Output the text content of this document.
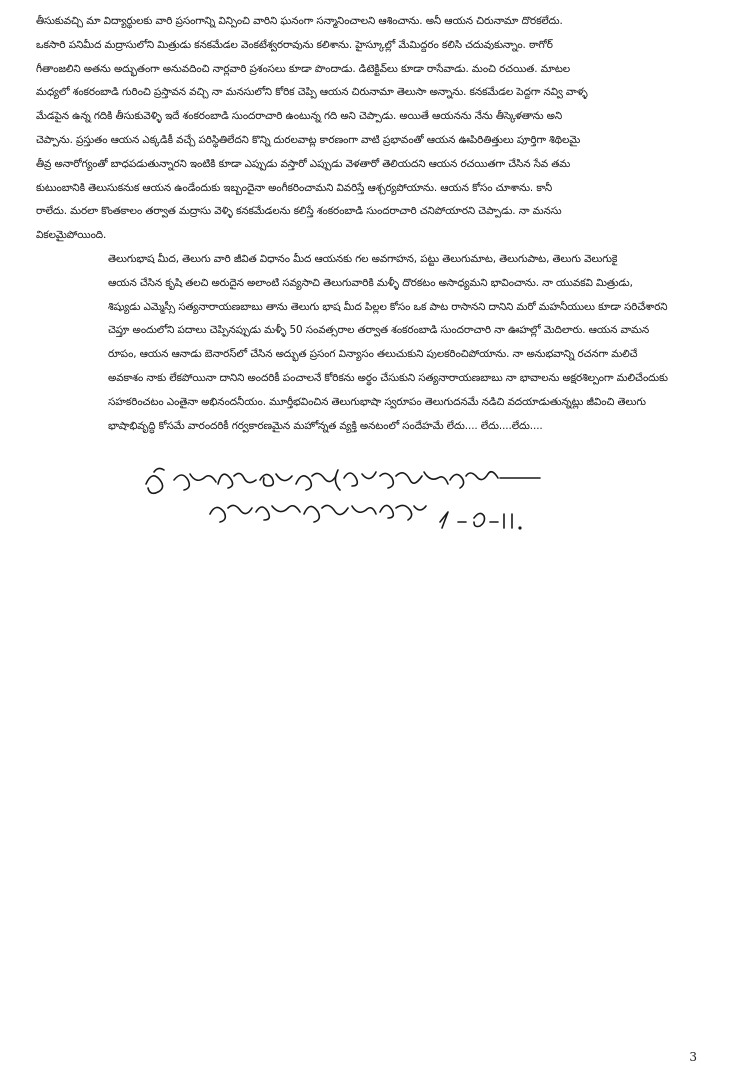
తీసుకువచ్చి మా విద్యార్థులకు వారి ప్రసంగాన్ని విన్పించి వారిని ఘనంగా సన్మానించాలని ఆశించాను. అనీ ఆయన చిరునామా దొరకలేదు.
ఒకసారి పనిమీద మద్రాసులోని మిత్రుడు కనకమేడల వెంకటేశ్వరరావును కలిశాను. హైస్కూల్లో మేమిద్దరం కలిసి చదువుకున్నాం. ఠాగోర్
గీతాంజలిని అతను అద్భుతంగా అనువదించి నార్లవారి ప్రశంసలు కూడా పొందాడు. డిటెక్టివ్‌లు కూడా రాసేవాడు. మంచి రచయిత. మాటల
మధ్యలో శంకరంబాడి గురించి ప్రస్తావన వచ్చి నా మనసులోని కోరిక చెప్పి ఆయన చిరునామా తెలుసా అన్నాను. కనకమేడల పెద్దగా నవ్వి వాళ్ళ
మేడపైన ఉన్న గదికి తీసుకువెళ్ళి ఇదే శంకరంబాడి సుందరాచారి ఉంటున్న గది అని చెప్పాడు. అయితే ఆయనను నేను తీస్కెళతాను అని
చెప్పాను. ప్రస్తుతం ఆయన ఎక్కడికీ వచ్చే పరిస్థితిలేదని కొన్ని దురలవాట్ల కారణంగా వాటి ప్రభావంతో ఆయన ఊపిరితిత్తులు పూర్తిగా శిథిలమై
తీవ్ర అనారోగ్యంతో బాధపడుతున్నారని ఇంటికి కూడా ఎప్పుడు వస్తారో ఎప్పుడు వెళతారో తెలియదని ఆయన రచయితగా చేసిన సేవ తమ
కుటుంబానికి తెలుసుకనుక ఆయన ఉండేందుకు ఇబ్బందైనా అంగీకరించామని వివరిస్తే ఆశ్చర్యపోయాను. ఆయన కోసం చూశాను. కానీ
రాలేదు. మరలా కొంతకాలం తర్వాత మద్రాసు వెళ్ళి కనకమేడలను కలిస్తే శంకరంబాడి సుందరాచారి చనిపోయారని చెప్పాడు. నా మనసు
వికలమైపోయింది.

తెలుగుభాష మీద, తెలుగు వారి జీవిత విధానం మీద ఆయనకు గల అవగాహన, పట్టు తెలుగుమాట, తెలుగుపాట, తెలుగు వెలుగుకై
ఆయన చేసిన కృషి తలచి అరుదైన అలాంటి సవ్యసాచి తెలుగువారికి మళ్ళీ దొరకటం అసాధ్యమని భావించాను. నా యువకవి మిత్రుడు,
శిష్యుడు ఎమ్మెస్సీ సత్యనారాయణబాబు తాను తెలుగు భాష మీద పిల్లల కోసం ఒక పాట రాసానని దానిని మరో మహనీయులు కూడా సరిచేశారని
చెప్తూ అందులోని పదాలు చెప్పినప్పుడు మళ్ళీ 50 సంవత్సరాల తర్వాత శంకరంబాడి సుందరాచారి నా ఊహల్లో మెదిలారు. ఆయన వామన
రూపం, ఆయన ఆనాడు బెనారస్‌లో చేసిన అద్భుత ప్రసంగ విన్యాసం తలుచుకుని పులకరించిపోయాను. నా అనుభవాన్ని రచనగా మలిచే
అవకాశం నాకు లేకపోయినా దానిని అందరికీ పంచాలనే కోరికను అర్థం చేసుకుని సత్యనారాయణబాబు నా భావాలను అక్షరశిల్పంగా మలిచేందుకు
సహకరించటం ఎంతైనా అభినందనీయం. మూర్తీభవించిన తెలుగుభాషా స్వరూపం తెలుగుదనమే నడిచి వదయాడుతున్నట్లు జీవించి తెలుగు
భాషాభివృద్ధి కోసమే వారందరికీ గర్వకారణమైన మహోన్నత వ్యక్తి అనటంలో సందేహమే లేదు.... లేదు....లేదు....

3
